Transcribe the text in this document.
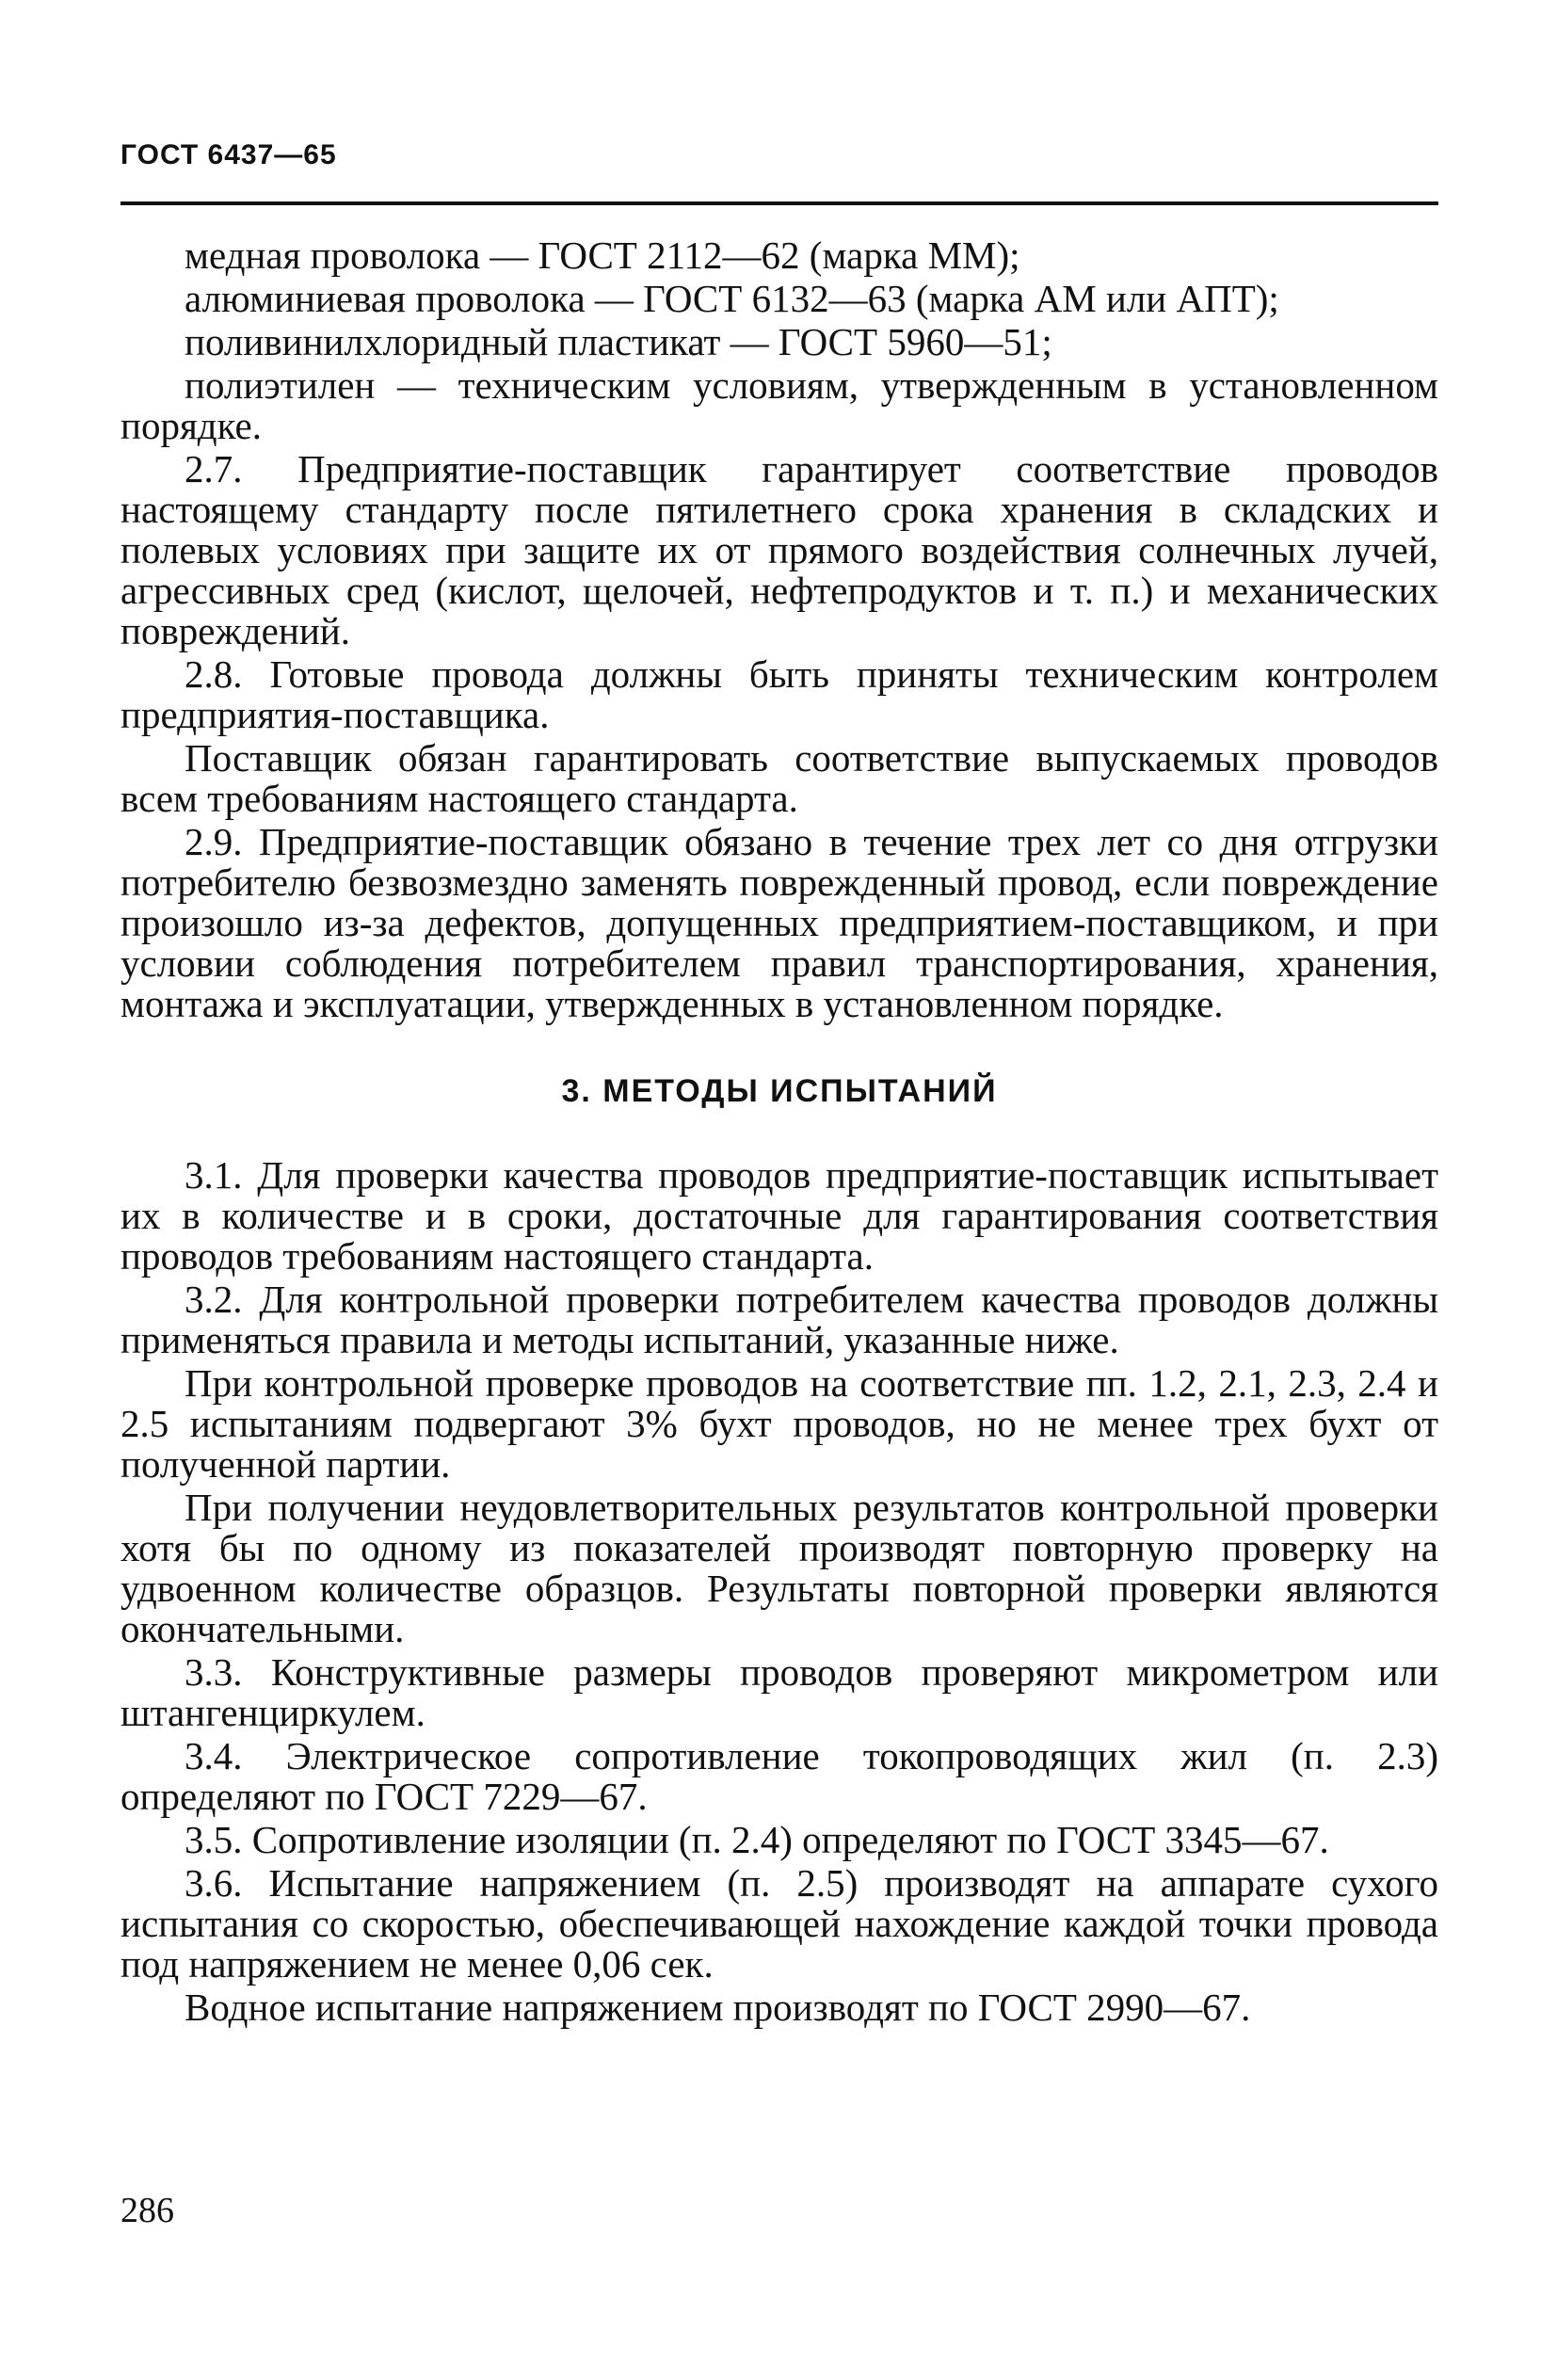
ГОСТ 6437—65

медная проволока — ГОСТ 2112—62 (марка ММ);

алюминиевая проволока — ГОСТ 6132—63 (марка АМ или АПТ);

поливинилхлоридный пластикат — ГОСТ 5960—51;

полиэтилен — техническим условиям, утвержденным в установленном порядке.

2.7. Предприятие-поставщик гарантирует соответствие проводов настоящему стандарту после пятилетнего срока хранения в складских и полевых условиях при защите их от прямого воздействия солнечных лучей, агрессивных сред (кислот, щелочей, нефтепродуктов и т. п.) и механических повреждений.

2.8. Готовые провода должны быть приняты техническим контролем предприятия-поставщика.

Поставщик обязан гарантировать соответствие выпускаемых проводов всем требованиям настоящего стандарта.

2.9. Предприятие-поставщик обязано в течение трех лет со дня отгрузки потребителю безвозмездно заменять поврежденный провод, если повреждение произошло из-за дефектов, допущенных предприятием-поставщиком, и при условии соблюдения потребителем правил транспортирования, хранения, монтажа и эксплуатации, утвержденных в установленном порядке.

3. МЕТОДЫ ИСПЫТАНИЙ

3.1. Для проверки качества проводов предприятие-поставщик испытывает их в количестве и в сроки, достаточные для гарантирования соответствия проводов требованиям настоящего стандарта.

3.2. Для контрольной проверки потребителем качества проводов должны применяться правила и методы испытаний, указанные ниже.

При контрольной проверке проводов на соответствие пп. 1.2, 2.1, 2.3, 2.4 и 2.5 испытаниям подвергают 3% бухт проводов, но не менее трех бухт от полученной партии.

При получении неудовлетворительных результатов контрольной проверки хотя бы по одному из показателей производят повторную проверку на удвоенном количестве образцов. Результаты повторной проверки являются окончательными.

3.3. Конструктивные размеры проводов проверяют микрометром или штангенциркулем.

3.4. Электрическое сопротивление токопроводящих жил (п. 2.3) определяют по ГОСТ 7229—67.

3.5. Сопротивление изоляции (п. 2.4) определяют по ГОСТ 3345—67.

3.6. Испытание напряжением (п. 2.5) производят на аппарате сухого испытания со скоростью, обеспечивающей нахождение каждой точки провода под напряжением не менее 0,06 сек.

Водное испытание напряжением производят по ГОСТ 2990—67.

286
